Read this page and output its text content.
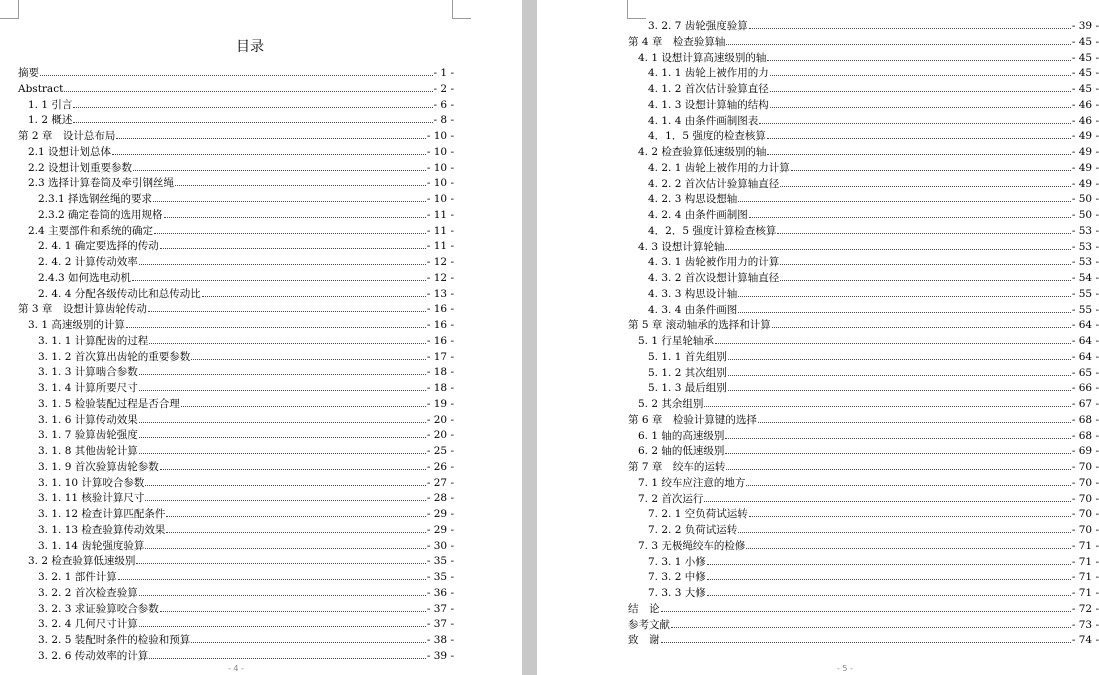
目录
摘要	- 1 -
Abstract	- 2 -
1. 1 引言	- 6 -
1. 2 概述	- 8 -
第 2 章　设计总布局	- 10 -
2.1 设想计划总体	- 10 -
2.2 设想计划重要参数	- 10 -
2.3 选择计算卷筒及牵引钢丝绳	- 10 -
2.3.1 择选钢丝绳的要求	- 10 -
2.3.2 确定卷筒的选用规格	- 11 -
2.4 主要部件和系统的确定	- 11 -
2. 4. 1 确定要选择的传动	- 11 -
2. 4. 2 计算传动效率	- 12 -
2.4.3 如何选电动机	- 12 -
2. 4. 4 分配各级传动比和总传动比	- 13 -
第 3 章　设想计算齿轮传动	- 16 -
3. 1 高速级别的计算	- 16 -
3. 1. 1 计算配齿的过程	- 16 -
3. 1. 2 首次算出齿轮的重要参数	- 17 -
3. 1. 3 计算啮合参数	- 18 -
3. 1. 4 计算所要尺寸	- 18 -
3. 1. 5 检验装配过程是否合理	- 19 -
3. 1. 6 计算传动效果	- 20 -
3. 1. 7 验算齿轮强度	- 20 -
3. 1. 8 其他齿轮计算	- 25 -
3. 1. 9 首次验算齿轮参数	- 26 -
3. 1. 10 计算咬合参数	- 27 -
3. 1. 11 核验计算尺寸	- 28 -
3. 1. 12 检查计算匹配条件	- 29 -
3. 1. 13 检查验算传动效果	- 29 -
3. 1. 14 齿轮强度验算	- 30 -
3. 2 检查验算低速级别	- 35 -
3. 2. 1 部件计算	- 35 -
3. 2. 2 首次检查验算	- 36 -
3. 2. 3 求证验算咬合参数	- 37 -
3. 2. 4 几何尺寸计算	- 37 -
3. 2. 5 装配时条件的检验和预算	- 38 -
3. 2. 6 传动效率的计算	- 39 -
- 4 -
3. 2. 7 齿轮强度验算	- 39 -
第 4 章　检查验算轴	- 45 -
4. 1 设想计算高速级别的轴	- 45 -
4. 1. 1 齿轮上被作用的力	- 45 -
4. 1. 2 首次估计验算直径	- 45 -
4. 1. 3 设想计算轴的结构	- 46 -
4. 1. 4 由条件画制图表	- 46 -
4．1．5 强度的检查核算	- 49 -
4. 2 检查验算低速级别的轴	- 49 -
4. 2. 1 齿轮上被作用的力计算	- 49 -
4. 2. 2 首次估计验算轴直径	- 49 -
4. 2. 3 构思设想轴	- 50 -
4. 2. 4 由条件画制图	- 50 -
4．2．5 强度计算检查核算	- 53 -
4. 3 设想计算轮轴	- 53 -
4. 3. 1 齿轮被作用力的计算	- 53 -
4. 3. 2 首次设想计算轴直径	- 54 -
4. 3. 3 构思设计轴	- 55 -
4. 3. 4 由条件画图	- 55 -
第 5 章 滚动轴承的选择和计算	- 64 -
5. 1 行星轮轴承	- 64 -
5. 1. 1 首先组别	- 64 -
5. 1. 2 其次组别	- 65 -
5. 1. 3 最后组别	- 66 -
5. 2 其余组别	- 67 -
第 6 章　检验计算键的选择	- 68 -
6. 1 轴的高速级别	- 68 -
6. 2 轴的低速级别	- 69 -
第 7 章　绞车的运转	- 70 -
7. 1 绞车应注意的地方	- 70 -
7. 2 首次运行	- 70 -
7. 2. 1 空负荷试运转	- 70 -
7. 2. 2 负荷试运转	- 70 -
7. 3 无极绳绞车的检修	- 71 -
7. 3. 1 小修	- 71 -
7. 3. 2 中修	- 71 -
7. 3. 3 大修	- 71 -
结　论	- 72 -
参考文献	- 73 -
致　谢	- 74 -
- 5 -
